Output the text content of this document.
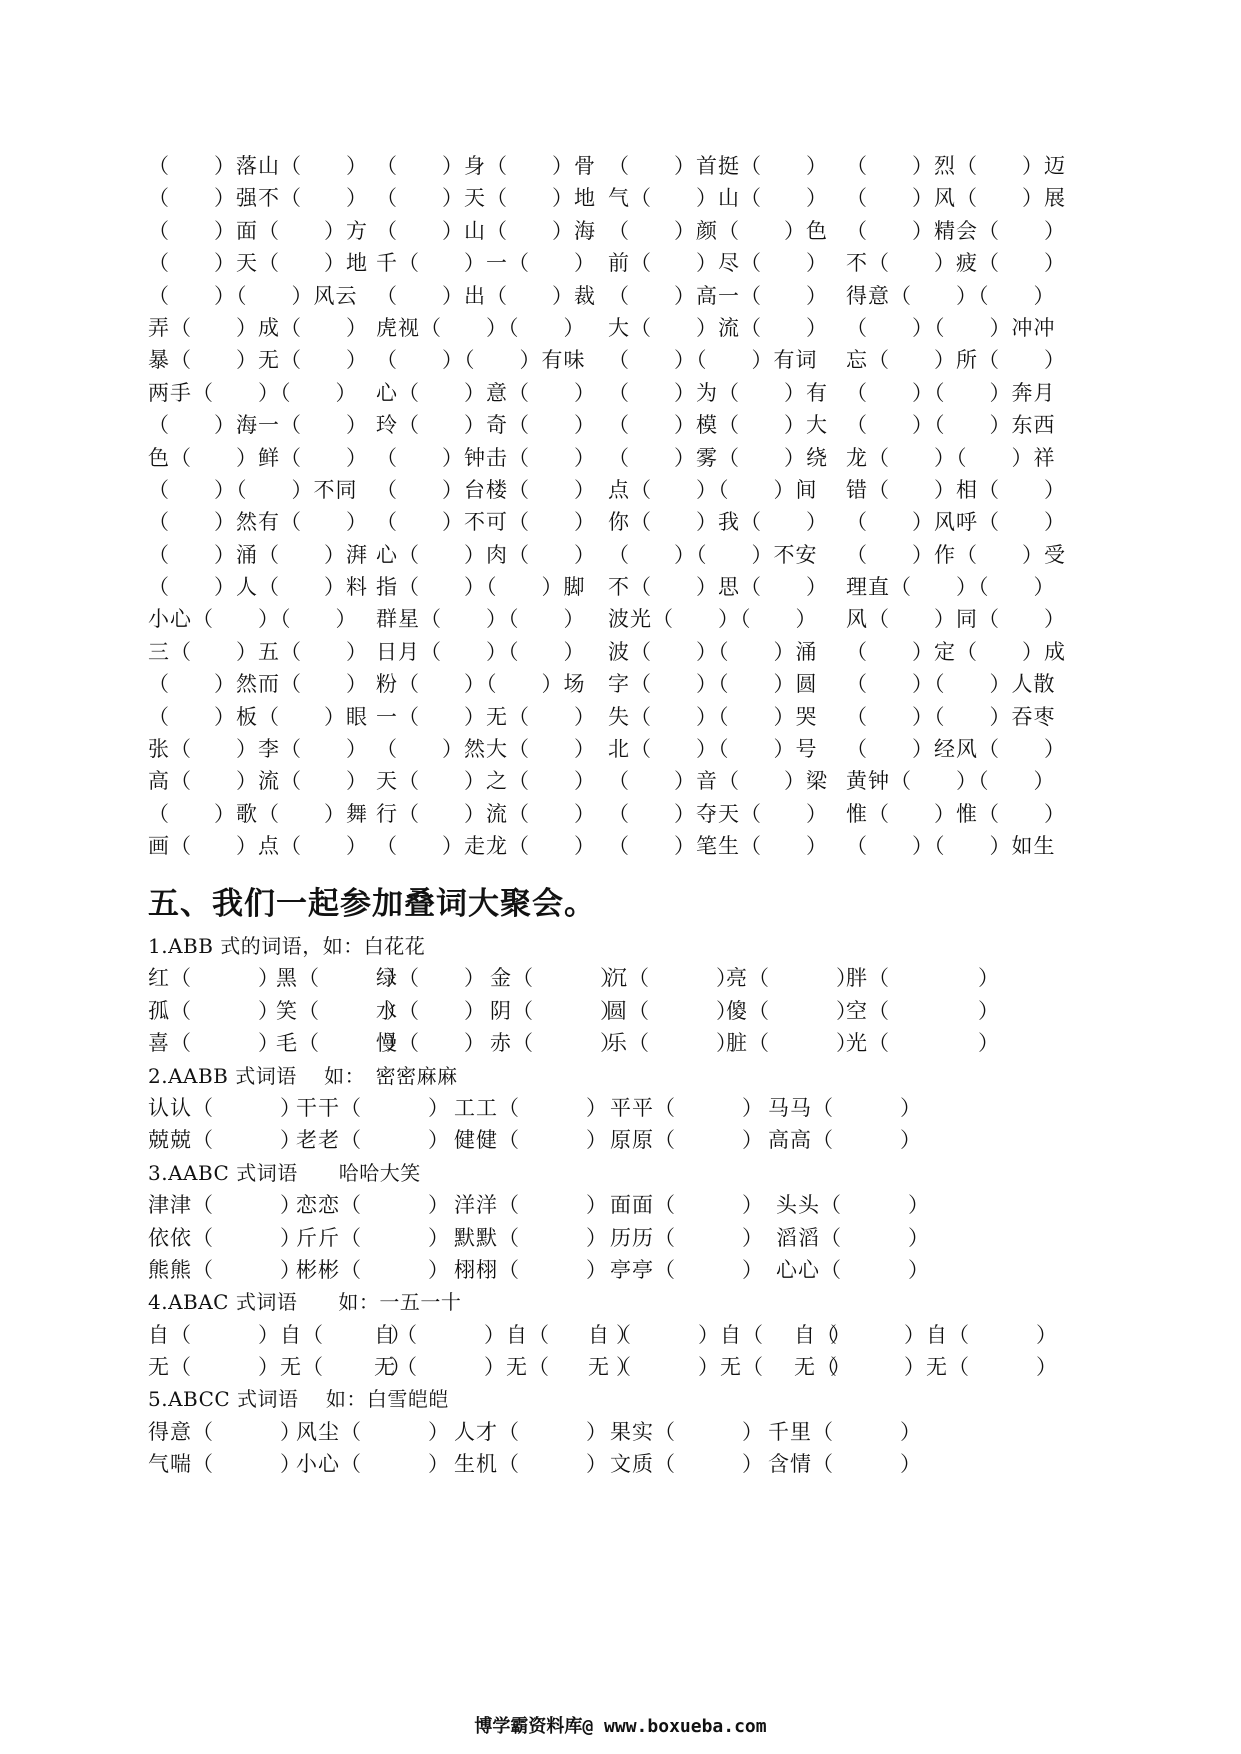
（　　）落山（　　） （　　）身（　　）骨 （　　）首挺（　　） （　　）烈（　　）迈
（　　）强不（　　） （　　）天（　　）地 气（　　）山（　　） （　　）风（　　）展
（　　）面（　　）方 （　　）山（　　）海 （　　）颜（　　）色 （　　）精会（　　）
（　　）天（　　）地 千（　　）一（　　） 前（　　）尽（　　） 不（　　）疲（　　）
（　　）（　　）风云 （　　）出（　　）裁 （　　）高一（　　） 得意（　　）（　　）
弄（　　）成（　　） 虎视（　　）（　　） 大（　　）流（　　） （　　）（　　）冲冲
暴（　　）无（　　） （　　）（　　）有味 （　　）（　　）有词 忘（　　）所（　　）
两手（　　）（　　） 心（　　）意（　　） （　　）为（　　）有 （　　）（　　）奔月
（　　）海一（　　） 玲（　　）奇（　　） （　　）模（　　）大 （　　）（　　）东西
色（　　）鲜（　　） （　　）钟击（　　） （　　）雾（　　）绕 龙（　　）（　　）祥
（　　）（　　）不同 （　　）台楼（　　） 点（　　）（　　）间 错（　　）相（　　）
（　　）然有（　　） （　　）不可（　　） 你（　　）我（　　） （　　）风呼（　　）
（　　）涌（　　）湃 心（　　）肉（　　） （　　）（　　）不安 （　　）作（　　）受
（　　）人（　　）料 指（　　）（　　）脚 不（　　）思（　　） 理直（　　）（　　）
小心（　　）（　　） 群星（　　）（　　） 波光（　　）（　　） 风（　　）同（　　）
三（　　）五（　　） 日月（　　）（　　） 波（　　）（　　）涌 （　　）定（　　）成
（　　）然而（　　） 粉（　　）（　　）场 字（　　）（　　）圆 （　　）（　　）人散
（　　）板（　　）眼 一（　　）无（　　） 失（　　）（　　）哭 （　　）（　　）吞枣
张（　　）李（　　） （　　）然大（　　） 北（　　）（　　）号 （　　）经风（　　）
高（　　）流（　　） 天（　　）之（　　） （　　）音（　　）梁 黄钟（　　）（　　）
（　　）歌（　　）舞 行（　　）流（　　） （　　）夺天（　　） 惟（　　）惟（　　）
画（　　）点（　　） （　　）走龙（　　） （　　）笔生（　　） （　　）（　　）如生
五、我们一起参加叠词大聚会。
1.ABB 式的词语，如：白花花
红（　　　）
黑（　　　）
绿（　　） 金（　　　）
沉（　　　）
亮（　　　）
胖（　　　　）
孤（　　　）
笑（　　　）
水（　　） 阴（　　　）
圆（　　　）
傻（　　　）
空（　　　　）
喜（　　　）
毛（　　　）
慢（　　） 赤（　　　）
乐（　　　）
脏（　　　）
光（　　　　）
2.AABB 式词语　 如：　密密麻麻
认认（　　　）
干干（　　　） 工工（　　　） 平平（　　　） 马马（　　　）
兢兢（　　　）
老老（　　　） 健健（　　　） 原原（　　　） 高高（　　　）
3.AABC 式词语　　哈哈大笑
津津（　　　）
恋恋（　　　） 洋洋（　　　） 面面（　　　） 头头（　　　）
依依（　　　）
斤斤（　　　） 默默（　　　） 历历（　　　） 滔滔（　　　）
熊熊（　　　）
彬彬（　　　） 栩栩（　　　） 亭亭（　　　） 心心（　　　）
4.ABAC 式词语　　如：一五一十
自（　　　）自（　　　）
自（　　　）自（　　　）
自（　　　）自（　　　）
自（　　　）自（　　　）
无（　　　）无（　　　）
无（　　　）无（　　　）
无（　　　）无（　　　）
无（　　　）无（　　　）
5.ABCC 式词语　 如：白雪皑皑
得意（　　　）
风尘（　　　） 人才（　　　） 果实（　　　） 千里（　　　）
气喘（　　　）
小心（　　　） 生机（　　　） 文质（　　　） 含情（　　　）
博学霸资料库@ www.boxueba.com
